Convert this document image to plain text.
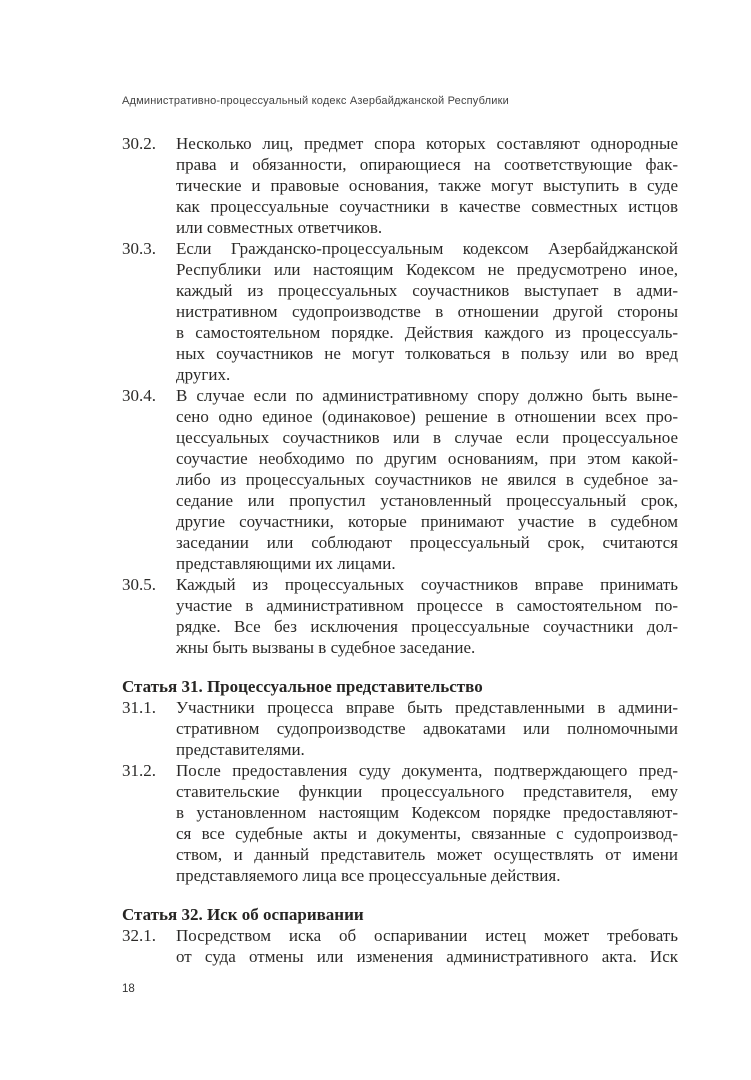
Административно-процессуальный кодекс Азербайджанской Республики
30.2. Несколько лиц, предмет спора которых составляют однородные
права и обязанности, опирающиеся на соответствующие фак-
тические и правовые основания, также могут выступить в суде
как процессуальные соучастники в качестве совместных истцов
или совместных ответчиков.
30.3. Если Гражданско-процессуальным кодексом Азербайджанской
Республики или настоящим Кодексом не предусмотрено иное,
каждый из процессуальных соучастников выступает в адми-
нистративном судопроизводстве в отношении другой стороны
в самостоятельном порядке. Действия каждого из процессуаль-
ных соучастников не могут толковаться в пользу или во вред
других.
30.4. В случае если по административному спору должно быть выне-
сено одно единое (одинаковое) решение в отношении всех про-
цессуальных соучастников или в случае если процессуальное
соучастие необходимо по другим основаниям, при этом какой-
либо из процессуальных соучастников не явился в судебное за-
седание или пропустил установленный процессуальный срок,
другие соучастники, которые принимают участие в судебном
заседании или соблюдают процессуальный срок, считаются
представляющими их лицами.
30.5. Каждый из процессуальных соучастников вправе принимать
участие в административном процессе в самостоятельном по-
рядке. Все без исключения процессуальные соучастники дол-
жны быть вызваны в судебное заседание.
Статья 31. Процессуальное представительство
31.1. Участники процесса вправе быть представленными в админи-
стративном судопроизводстве адвокатами или полномочными
представителями.
31.2. После предоставления суду документа, подтверждающего пред-
ставительские функции процессуального представителя, ему
в установленном настоящим Кодексом порядке предоставляют-
ся все судебные акты и документы, связанные с судопроизвод-
ством, и данный представитель может осуществлять от имени
представляемого лица все процессуальные действия.
Статья 32. Иск об оспаривании
32.1. Посредством иска об оспаривании истец может требовать
от суда отмены или изменения административного акта. Иск
18
